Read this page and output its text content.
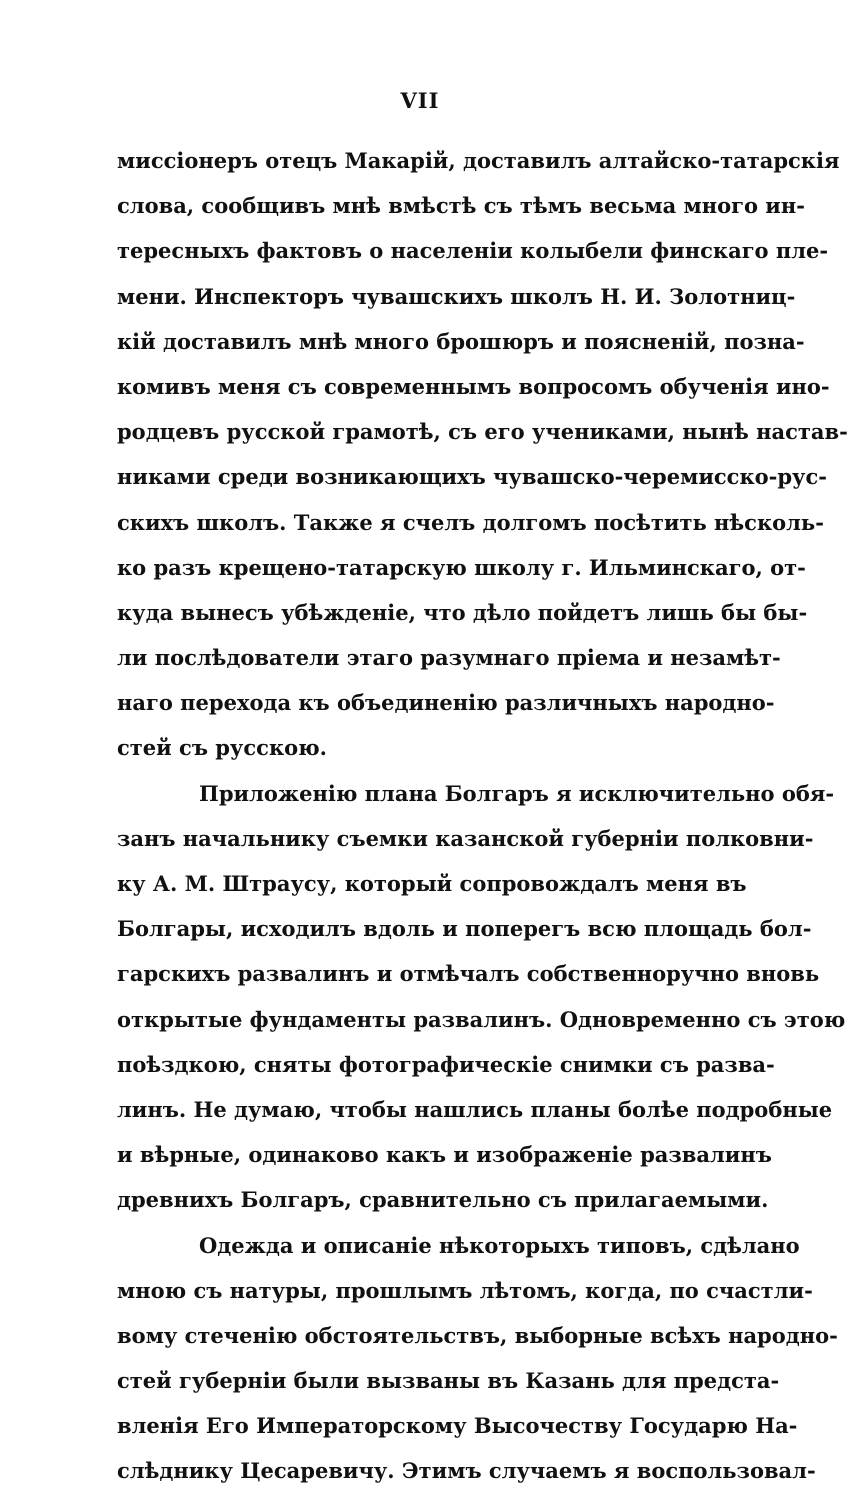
VII
миссіонеръ отецъ Макарій, доставилъ алтайско-татарскія
слова, сообщивъ мнѣ вмѣстѣ съ тѣмъ весьма много ин-
тересныхъ фактовъ о населеніи колыбели финскаго пле-
мени. Инспекторъ чувашскихъ школъ Н. И. Золотниц-
кій доставилъ мнѣ много брошюръ и поясненій, позна-
комивъ меня съ современнымъ вопросомъ обученія ино-
родцевъ русской грамотѣ, съ его учениками, нынѣ настав-
никами среди возникающихъ чувашско-черемисско-рус-
скихъ школъ. Также я счелъ долгомъ посѣтить нѣсколь-
ко разъ крещено-татарскую школу г. Ильминскаго, от-
куда вынесъ убѣжденіе, что дѣло пойдетъ лишь бы бы-
ли послѣдователи этаго разумнаго пріема и незамѣт-
наго перехода къ объединенію различныхъ народно-
стей съ русскою.
Приложенію плана Болгаръ я исключительно обя-
занъ начальнику съемки казанской губерніи полковни-
ку А. М. Штраусу, который сопровождалъ меня въ
Болгары, исходилъ вдоль и поперегъ всю площадь бол-
гарскихъ развалинъ и отмѣчалъ собственноручно вновь
открытые фундаменты развалинъ. Одновременно съ этою
поѣздкою, сняты фотографическіе снимки съ разва-
линъ. Не думаю, чтобы нашлись планы болѣе подробные
и вѣрные, одинаково какъ и изображеніе развалинъ
древнихъ Болгаръ, сравнительно съ прилагаемыми.
Одежда и описаніе нѣкоторыхъ типовъ, сдѣлано
мною съ натуры, прошлымъ лѣтомъ, когда, по счастли-
вому стеченію обстоятельствъ, выборные всѣхъ народно-
стей губерніи были вызваны въ Казань для предста-
вленія Его Императорскому Высочеству Государю На-
слѣднику Цесаревичу. Этимъ случаемъ я воспользовал-
